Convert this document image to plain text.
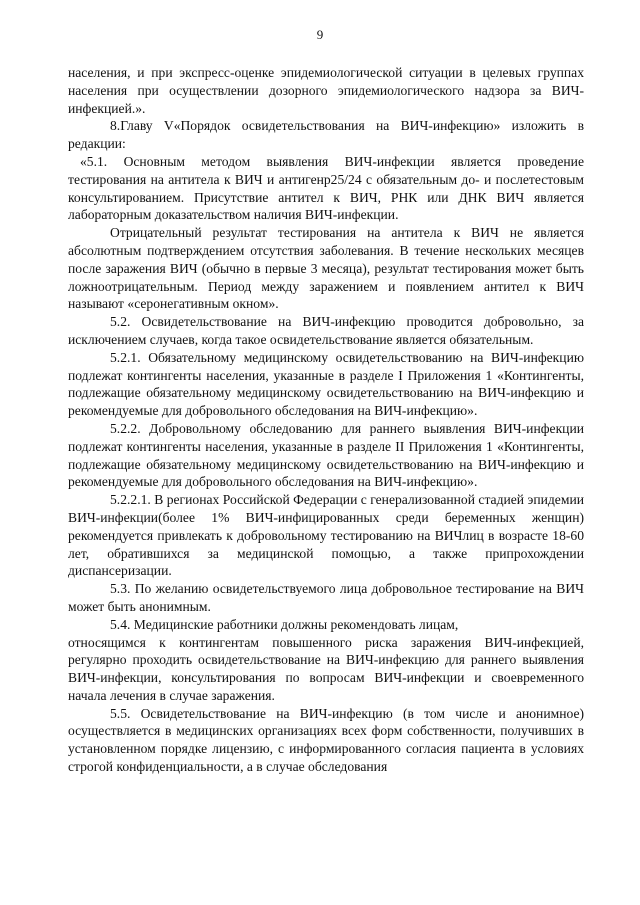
9

населения, и при экспресс-оценке эпидемиологической ситуации в целевых группах населения при осуществлении дозорного эпидемиологического надзора за ВИЧ-инфекцией.».

8.Главу V«Порядок освидетельствования на ВИЧ-инфекцию» изложить в редакции:

«5.1. Основным методом выявления ВИЧ-инфекции является проведение тестирования на антитела к ВИЧ и антигенр25/24 с обязательным до- и послетестовым консультированием. Присутствие антител к ВИЧ, РНК или ДНК ВИЧ является лабораторным доказательством наличия ВИЧ-инфекции.

Отрицательный результат тестирования на антитела к ВИЧ не является абсолютным подтверждением отсутствия заболевания. В течение нескольких месяцев после заражения ВИЧ (обычно в первые 3 месяца), результат тестирования может быть ложноотрицательным. Период между заражением и появлением антител к ВИЧ называют «серонегативным окном».

5.2. Освидетельствование на ВИЧ-инфекцию проводится добровольно, за исключением случаев, когда такое освидетельствование является обязательным.

5.2.1. Обязательному медицинскому освидетельствованию на ВИЧ-инфекцию подлежат контингенты населения, указанные в разделе I Приложения 1 «Контингенты, подлежащие обязательному медицинскому освидетельствованию на ВИЧ-инфекцию и рекомендуемые для добровольного обследования на ВИЧ-инфекцию».

5.2.2. Добровольному обследованию для раннего выявления ВИЧ-инфекции подлежат контингенты населения, указанные в разделе II Приложения 1 «Контингенты, подлежащие обязательному медицинскому освидетельствованию на ВИЧ-инфекцию и рекомендуемые для добровольного обследования на ВИЧ-инфекцию».

5.2.2.1. В регионах Российской Федерации с генерализованной стадией эпидемии ВИЧ-инфекции(более 1% ВИЧ-инфицированных среди беременных женщин) рекомендуется привлекать к добровольному тестированию на ВИЧлиц в возрасте 18-60 лет, обратившихся за медицинской помощью, а также припрохождении диспансеризации.

5.3. По желанию освидетельствуемого лица добровольное тестирование на ВИЧ может быть анонимным.

5.4. Медицинские работники должны рекомендовать лицам,

относящимся к контингентам повышенного риска заражения ВИЧ-инфекцией, регулярно проходить освидетельствование на ВИЧ-инфекцию для раннего выявления ВИЧ-инфекции, консультирования по вопросам ВИЧ-инфекции и своевременного начала лечения в случае заражения.

5.5. Освидетельствование на ВИЧ-инфекцию (в том числе и анонимное) осуществляется в медицинских организациях всех форм собственности, получивших в установленном порядке лицензию, с информированного согласия пациента в условиях строгой конфиденциальности, а в случае обследования
